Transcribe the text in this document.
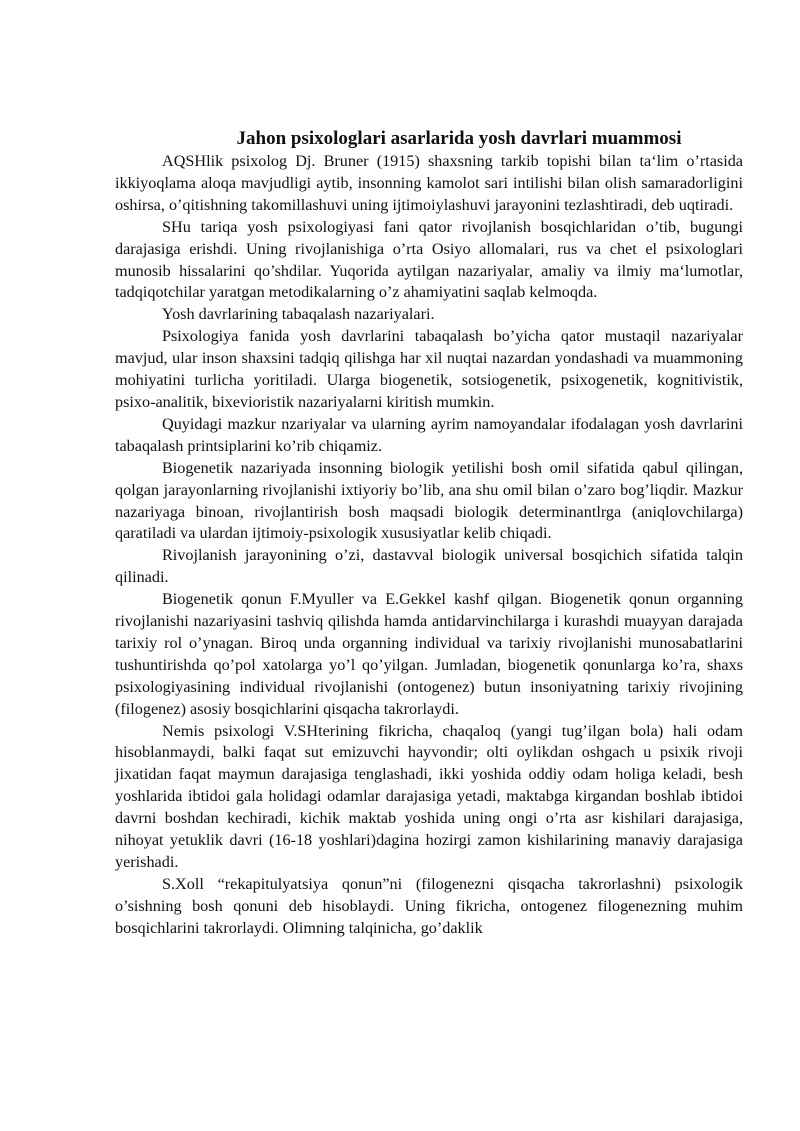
Jahon psixologlari asarlarida yosh davrlari muammosi

AQSHlik psixolog Dj. Bruner (1915) shaxsning tarkib topishi bilan ta‘lim o’rtasida ikkiyoqlama aloqa mavjudligi aytib, insonning kamolot sari intilishi bilan olish samaradorligini oshirsa, o’qitishning takomillashuvi uning ijtimoiylashuvi jarayonini tezlashtiradi, deb uqtiradi.

SHu tariqa yosh psixologiyasi fani qator rivojlanish bosqichlaridan o’tib, bugungi darajasiga erishdi. Uning rivojlanishiga o’rta Osiyo allomalari, rus va chet el psixologlari munosib hissalarini qo’shdilar. Yuqorida aytilgan nazariyalar, amaliy va ilmiy ma‘lumotlar, tadqiqotchilar yaratgan metodikalarning o’z ahamiyatini saqlab kelmoqda.

Yosh davrlarining tabaqalash nazariyalari.

Psixologiya fanida yosh davrlarini tabaqalash bo’yicha qator mustaqil nazariyalar mavjud, ular inson shaxsini tadqiq qilishga har xil nuqtai nazardan yondashadi va muammoning mohiyatini turlicha yoritiladi. Ularga biogenetik, sotsiogenetik, psixogenetik, kognitivistik, psixo-analitik, bixevioristik nazariyalarni kiritish mumkin.

Quyidagi mazkur nzariyalar va ularning ayrim namoyandalar ifodalagan yosh davrlarini tabaqalash printsiplarini ko’rib chiqamiz.

Biogenetik nazariyada insonning biologik yetilishi bosh omil sifatida qabul qilingan, qolgan jarayonlarning rivojlanishi ixtiyoriy bo’lib, ana shu omil bilan o’zaro bog’liqdir. Mazkur nazariyaga binoan, rivojlantirish bosh maqsadi biologik determinantlrga (aniqlovchilarga) qaratiladi va ulardan ijtimoiy-psixologik xususiyatlar kelib chiqadi.

Rivojlanish jarayonining o’zi, dastavval biologik universal bosqichich sifatida talqin qilinadi.

Biogenetik qonun F.Myuller va E.Gekkel kashf qilgan. Biogenetik qonun organning rivojlanishi nazariyasini tashviq qilishda hamda antidarvinchilarga i kurashdi muayyan darajada tarixiy rol o’ynagan. Biroq unda organning individual va tarixiy rivojlanishi munosabatlarini tushuntirishda qo’pol xatolarga yo’l qo’yilgan. Jumladan, biogenetik qonunlarga ko’ra, shaxs psixologiyasining individual rivojlanishi (ontogenez) butun insoniyatning tarixiy rivojining (filogenez) asosiy bosqichlarini qisqacha takrorlaydi.

Nemis psixologi V.SHterining fikricha, chaqaloq (yangi tug’ilgan bola) hali odam hisoblanmaydi, balki faqat sut emizuvchi hayvondir; olti oylikdan oshgach u psixik rivoji jixatidan faqat maymun darajasiga tenglashadi, ikki yoshida oddiy odam holiga keladi, besh yoshlarida ibtidoi gala holidagi odamlar darajasiga yetadi, maktabga kirgandan boshlab ibtidoi davrni boshdan kechiradi, kichik maktab yoshida uning ongi o’rta asr kishilari darajasiga, nihoyat yetuklik davri (16-18 yoshlari)dagina hozirgi zamon kishilarining manaviy darajasiga yerishadi.

S.Xoll “rekapitulyatsiya qonun”ni (filogenezni qisqacha takrorlashni) psixologik o’sishning bosh qonuni deb hisoblaydi. Uning fikricha, ontogenez filogenezning muhim bosqichlarini takrorlaydi. Olimning talqinicha, go’daklik
